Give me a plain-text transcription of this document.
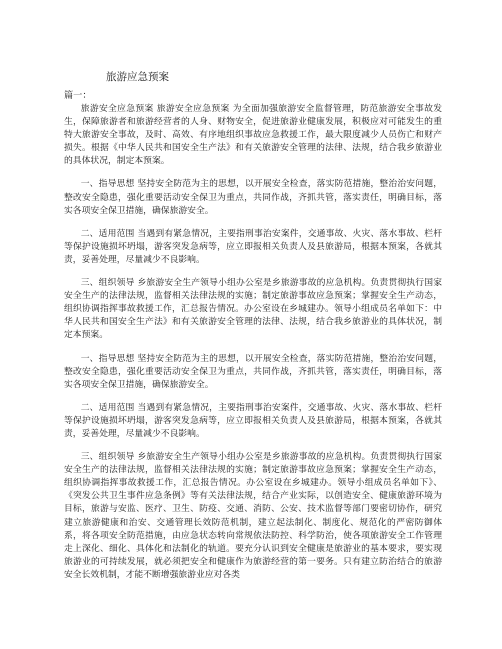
旅游应急预案
篇一：

旅游安全应急预案 旅游安全应急预案 为全面加强旅游安全监督管理，防范旅游安全事故发生，保障旅游者和旅游经营者的人身、财物安全，促进旅游业健康发展，积极应对可能发生的重特大旅游安全事故，及时、高效、有序地组织事故应急救援工作，最大限度减少人员伤亡和财产损失。根据《中华人民共和国安全生产法》和有关旅游安全管理的法律、法规，结合我乡旅游业的具体状况，制定本预案。

一、指导思想 坚持安全防范为主的思想，以开展安全检查，落实防范措施，整治治安问题，整改安全隐患，强化重要活动安全保卫为重点，共同作战，齐抓共管，落实责任，明确目标，落实各项安全保卫措施，确保旅游安全。

二、适用范围 当遇到有紧急情况，主要指刑事治安案件，交通事故、火灾、落水事故、栏杆等保护设施损坏坍塌，游客突发急病等，应立即报相关负责人及县旅游局，根据本预案，各就其责，妥善处理，尽量减少不良影响。

三、组织领导 乡旅游安全生产领导小组办公室是乡旅游事故的应急机构。负责贯彻执行国家安全生产的法律法规，监督相关法律法规的实施；制定旅游事故应急预案；掌握安全生产动态，组织协调指挥事故救援工作，汇总报告情况。办公室设在乡城建办。领导小组成员名单如下：中华人民共和国安全生产法》和有关旅游安全管理的法律、法规，结合我乡旅游业的具体状况，制定本预案。

一、指导思想 坚持安全防范为主的思想，以开展安全检查，落实防范措施，整治治安问题，整改安全隐患，强化重要活动安全保卫为重点，共同作战，齐抓共管，落实责任，明确目标，落实各项安全保卫措施，确保旅游安全。

二、适用范围 当遇到有紧急情况，主要指刑事治安案件，交通事故、火灾、落水事故、栏杆等保护设施损坏坍塌，游客突发急病等，应立即报相关负责人及县旅游局，根据本预案，各就其责，妥善处理，尽量减少不良影响。

三、组织领导 乡旅游安全生产领导小组办公室是乡旅游事故的应急机构。负责贯彻执行国家安全生产的法律法规，监督相关法律法规的实施；制定旅游事故应急预案；掌握安全生产动态，组织协调指挥事故救援工作，汇总报告情况。办公室设在乡城建办。领导小组成员名单如下》、《突发公共卫生事件应急条例》等有关法律法规，结合产业实际，以创造安全、健康旅游环境为目标，旅游与安监、医疗、卫生、防疫、交通、消防、公安、技术监督等部门要密切协作，研究建立旅游健康和治安、交通管理长效防范机制，建立起法制化、制度化、规范化的严密防御体系，将各项安全防范措施，由应急状态转向常规依法防控、科学防治，使各项旅游安全工作管理走上深化、细化、具体化和法制化的轨道。要充分认识到安全健康是旅游业的基本要求，要实现旅游业的可持续发展，就必须把安全和健康作为旅游经营的第一要务。只有建立防治结合的旅游安全长效机制，才能不断增强旅游业应对各类
